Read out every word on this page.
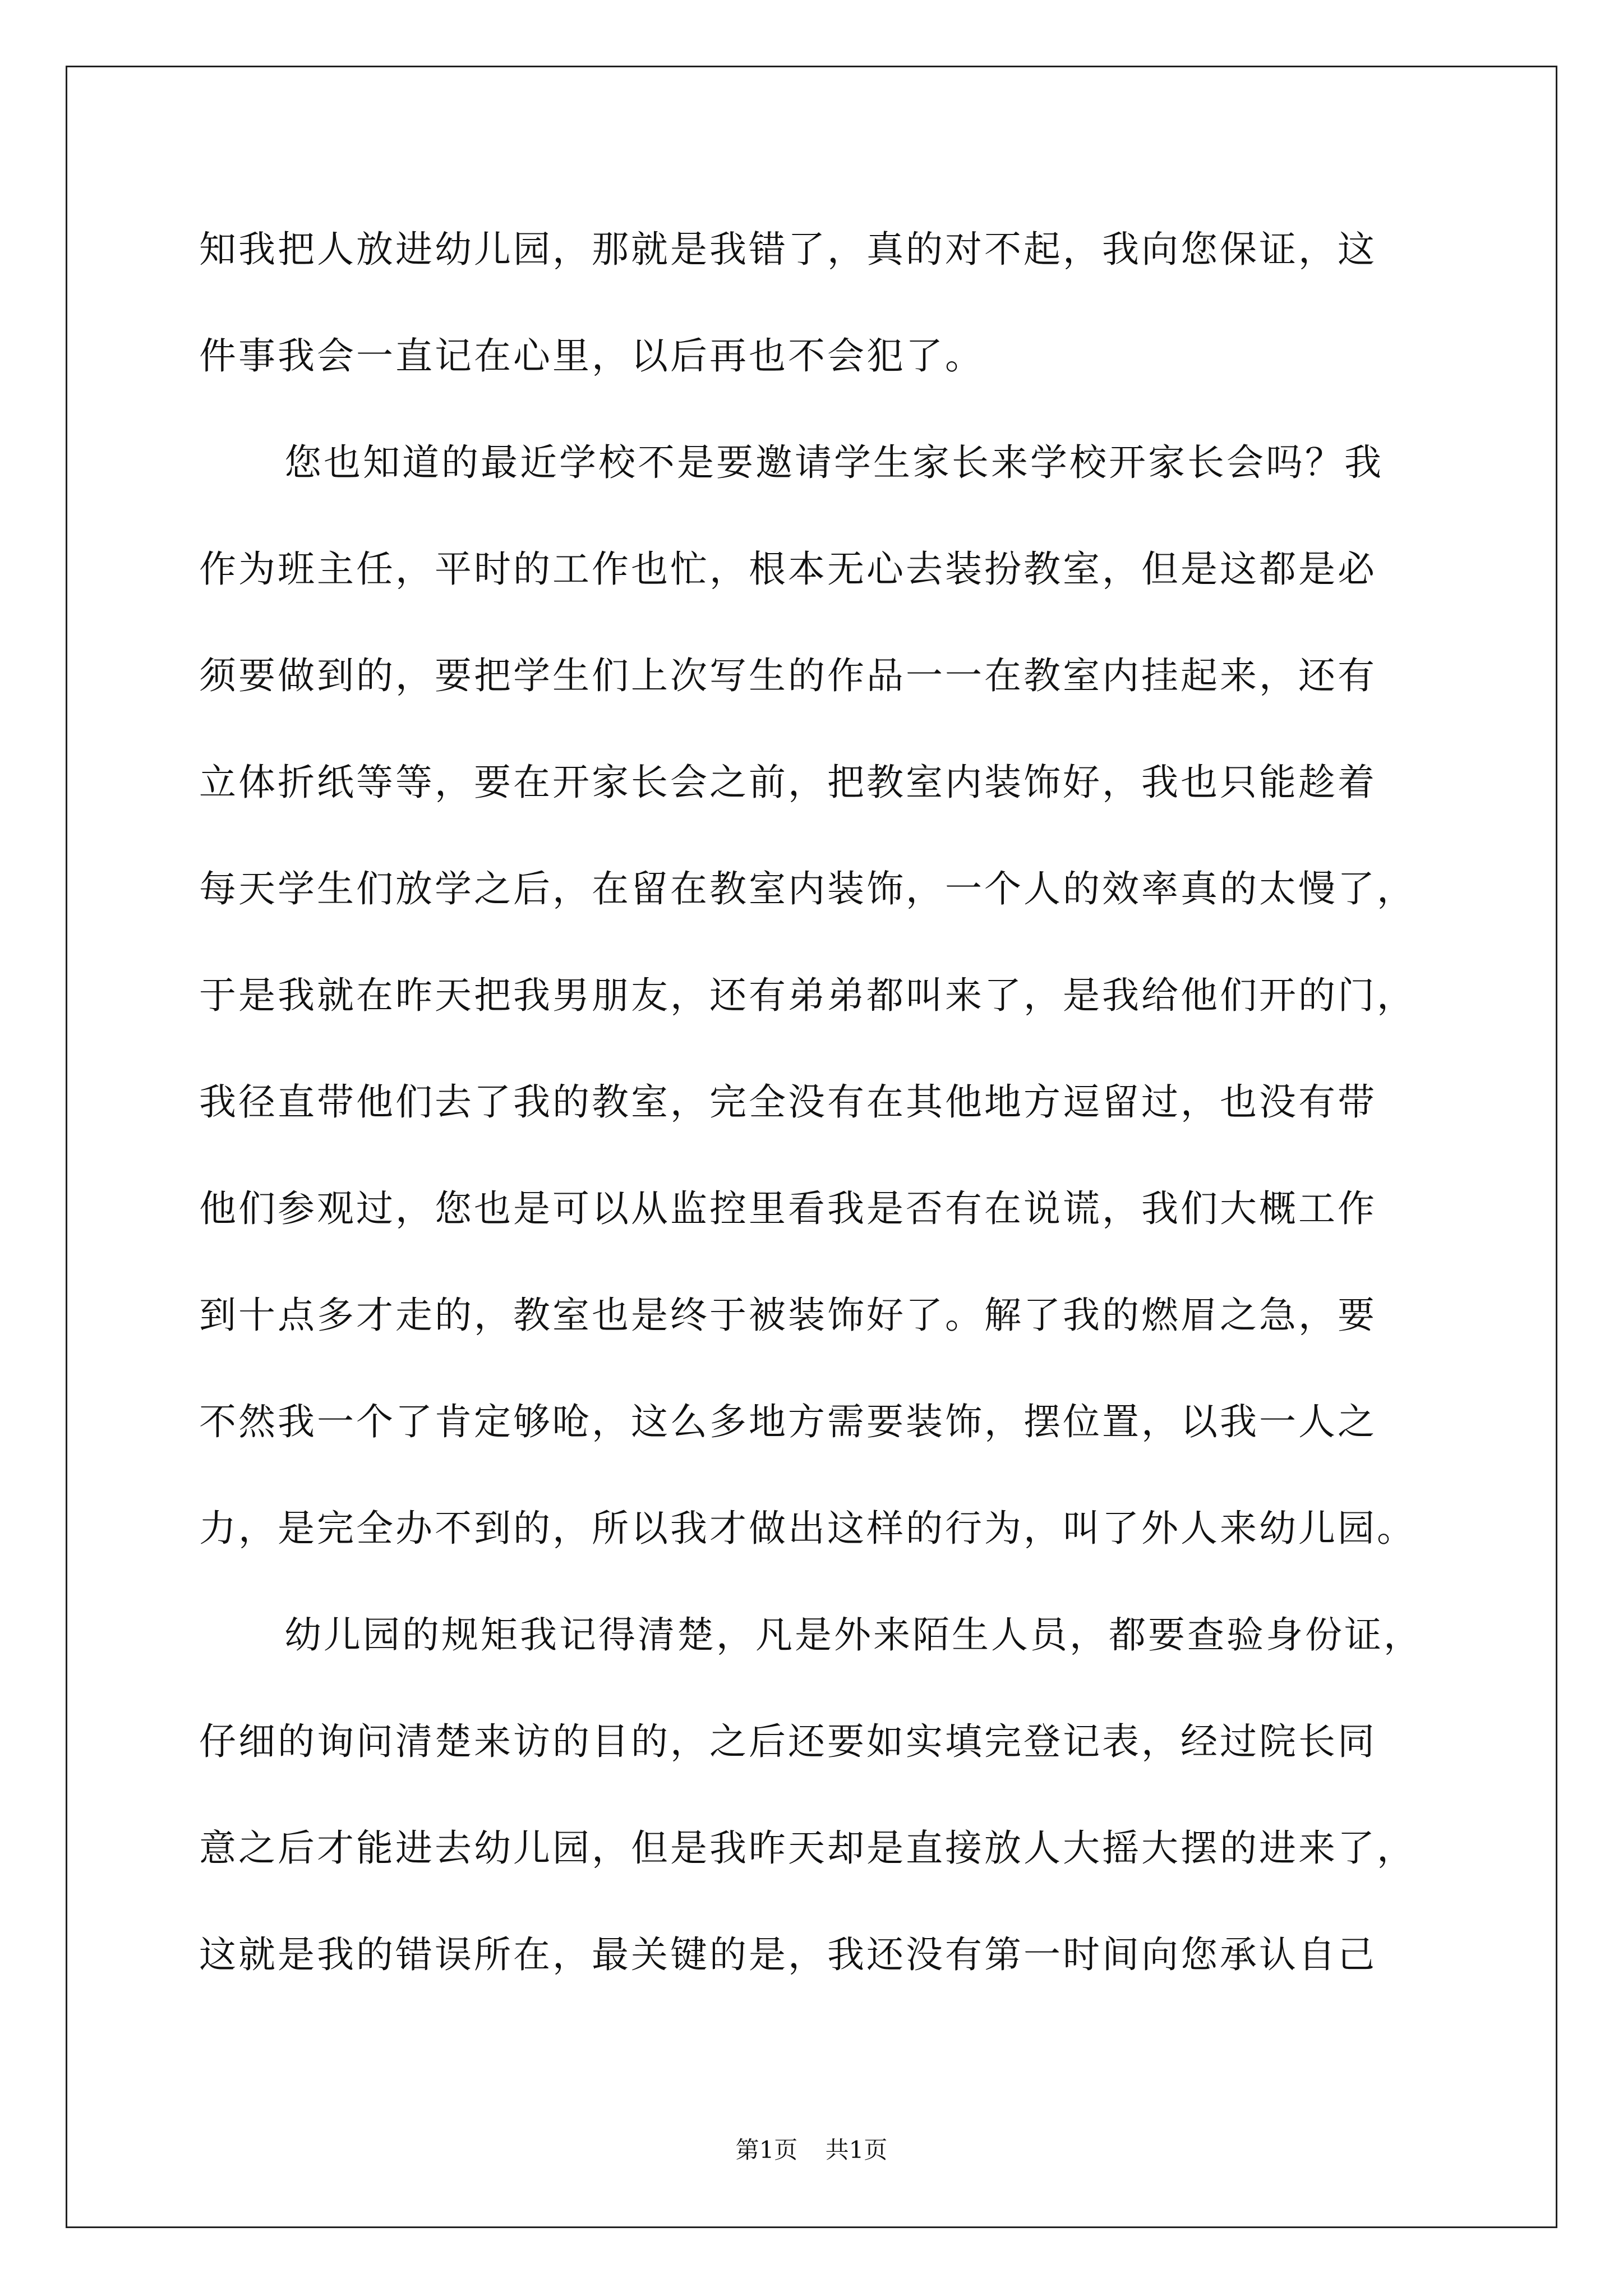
知我把人放进幼儿园，那就是我错了，真的对不起，我向您保证，这

件事我会一直记在心里，以后再也不会犯了。

您也知道的最近学校不是要邀请学生家长来学校开家长会吗？我

作为班主任，平时的工作也忙，根本无心去装扮教室，但是这都是必

须要做到的，要把学生们上次写生的作品一一在教室内挂起来，还有

立体折纸等等，要在开家长会之前，把教室内装饰好，我也只能趁着

每天学生们放学之后，在留在教室内装饰，一个人的效率真的太慢了，

于是我就在昨天把我男朋友，还有弟弟都叫来了，是我给他们开的门，

我径直带他们去了我的教室，完全没有在其他地方逗留过，也没有带

他们参观过，您也是可以从监控里看我是否有在说谎，我们大概工作

到十点多才走的，教室也是终于被装饰好了。解了我的燃眉之急，要

不然我一个了肯定够呛，这么多地方需要装饰，摆位置，以我一人之

力，是完全办不到的，所以我才做出这样的行为，叫了外人来幼儿园。

幼儿园的规矩我记得清楚，凡是外来陌生人员，都要查验身份证，

仔细的询问清楚来访的目的，之后还要如实填完登记表，经过院长同

意之后才能进去幼儿园，但是我昨天却是直接放人大摇大摆的进来了，

这就是我的错误所在，最关键的是，我还没有第一时间向您承认自己

第1页 共1页
